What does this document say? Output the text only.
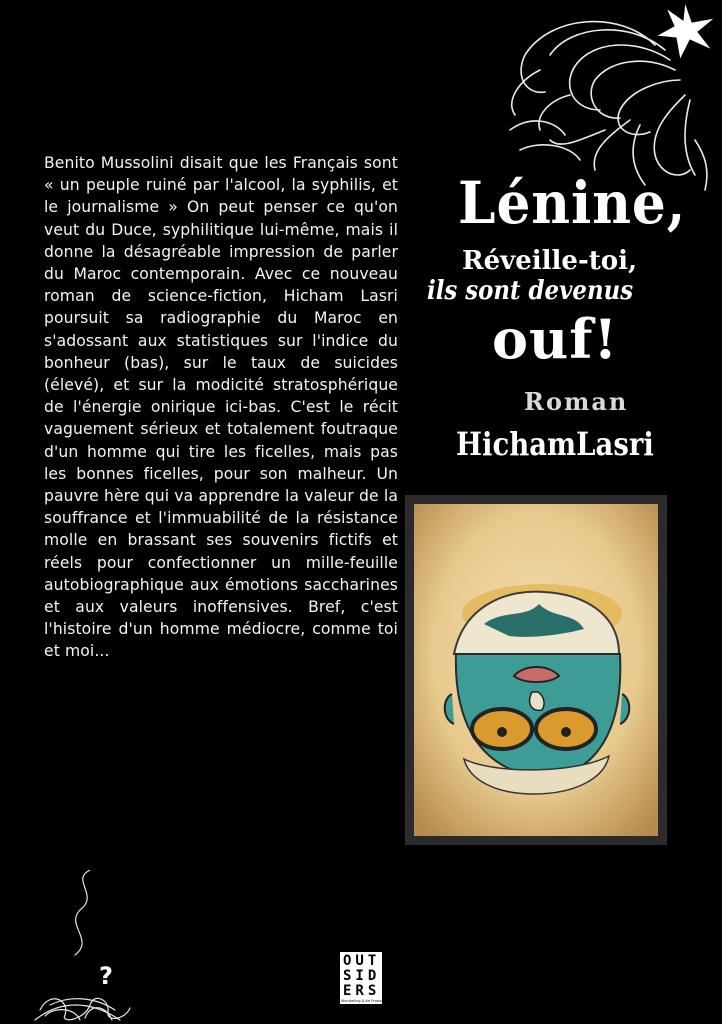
Benito Mussolini disait que les Français sont « un peuple ruiné par l'alcool, la syphilis, et le journalisme » On peut penser ce qu'on veut du Duce, syphilitique lui-même, mais il donne la désagréable impression de parler du Maroc contemporain. Avec ce nouveau roman de science-fiction, Hicham Lasri poursuit sa radiographie du Maroc en s'adossant aux statistiques sur l'indice du bonheur (bas), sur le taux de suicides (élevé), et sur la modicité stratosphérique de l'énergie onirique ici-bas. C'est le récit vaguement sérieux et totalement foutraque d'un homme qui tire les ficelles, mais pas les bonnes ficelles, pour son malheur. Un pauvre hère qui va apprendre la valeur de la souffrance et l'immuabilité de la résistance molle en brassant ses souvenirs fictifs et réels pour confectionner un mille-feuille autobiographique aux émotions saccharines et aux valeurs inoffensives. Bref, c'est l'histoire d'un homme médiocre, comme toi et moi...

Lénine,
Réveille-toi,
ils sont devenus
ouf!
Roman
HichamLasri
?
OUT
SID
ERS
Storytelling & Art Production
